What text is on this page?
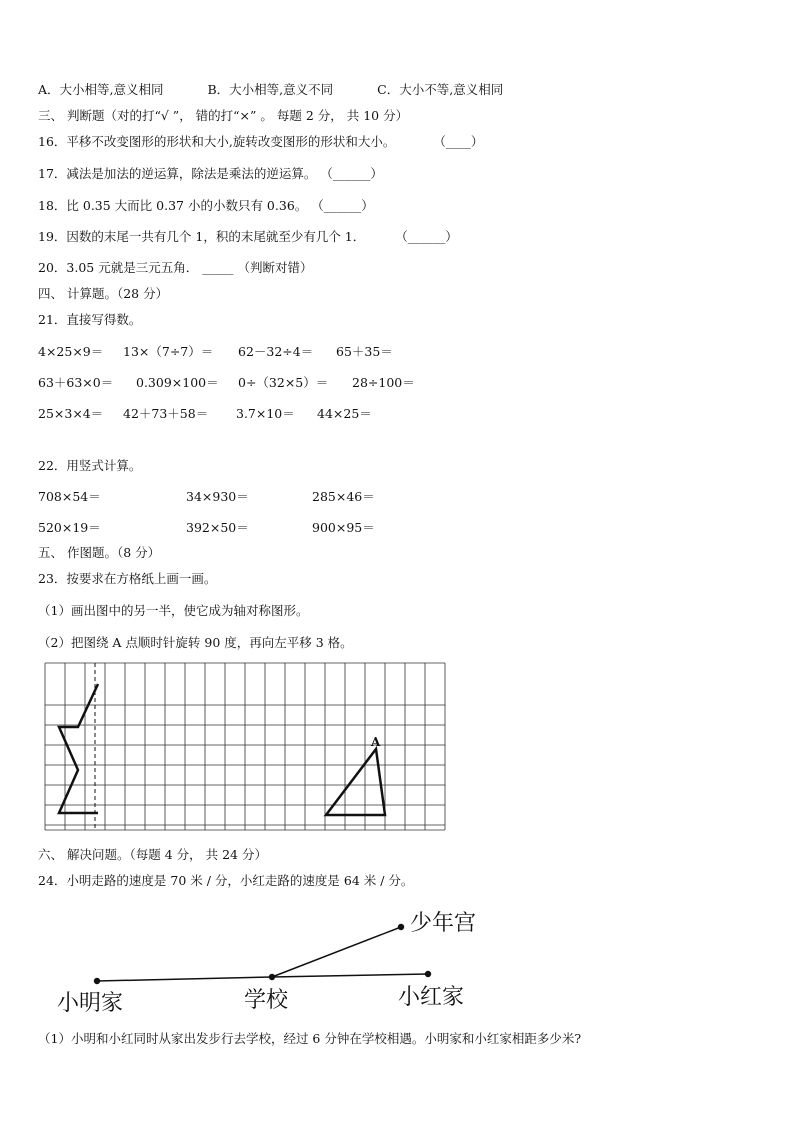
A．大小相等,意义相同	B．大小相等,意义不同	C．大小不等,意义相同
三、 判断题（对的打“√ ”， 错的打“×” 。 每题 2 分， 共 10 分）
16．平移不改变图形的形状和大小,旋转改变图形的形状和大小。	（____）
17．减法是加法的逆运算，除法是乘法的逆运算。 （______）
18．比 0.35 大而比 0.37 小的小数只有 0.36。 （______）
19．因数的末尾一共有几个 1，积的末尾就至少有几个 1． （______）
20．3.05 元就是三元五角． _____ （判断对错）
四、 计算题。（28 分）
21．直接写得数。
4×25×9＝ 13×（7÷7）＝ 62－32÷4＝ 65＋35＝
63＋63×0＝ 0.309×100＝ 0÷（32×5）＝ 28÷100＝
25×3×4＝ 42＋73＋58＝ 3.7×10＝ 44×25＝
22．用竖式计算。
708×54＝	34×930＝	285×46＝
520×19＝	392×50＝	900×95＝
五、 作图题。（8 分）
23．按要求在方格纸上画一画。
（1）画出图中的另一半，使它成为轴对称图形。
（2）把图绕 A 点顺时针旋转 90 度，再向左平移 3 格。
A
六、 解决问题。（每题 4 分， 共 24 分）
24．小明走路的速度是 70 米 / 分，小红走路的速度是 64 米 / 分。
少年宫
小明家	学校	小红家
（1）小明和小红同时从家出发步行去学校，经过 6 分钟在学校相遇。小明家和小红家相距多少米?
